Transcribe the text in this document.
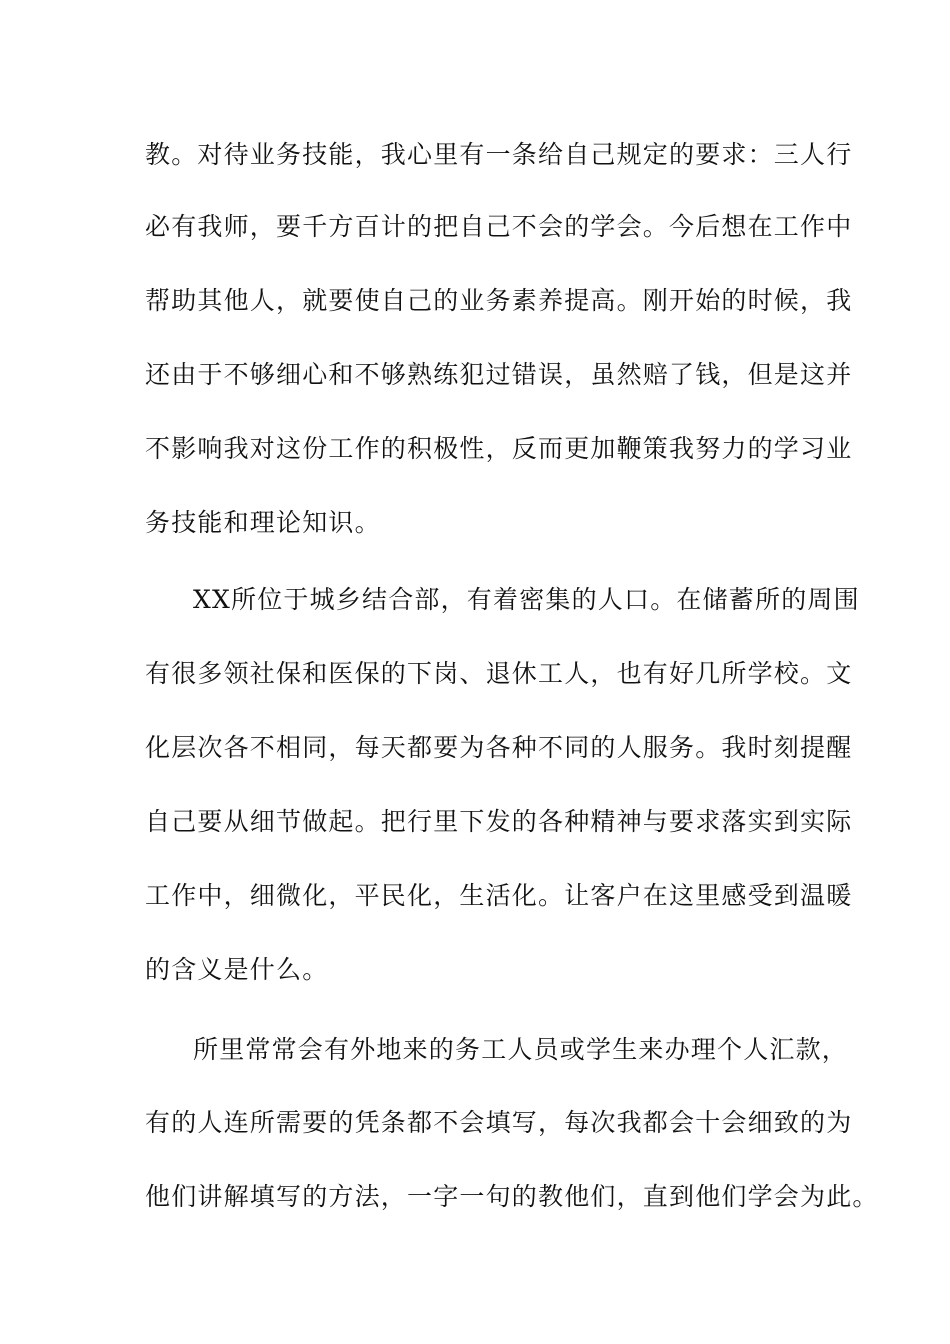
教。对待业务技能，我心里有一条给自己规定的要求：三人行

必有我师，要千方百计的把自己不会的学会。今后想在工作中

帮助其他人，就要使自己的业务素养提高。刚开始的时候，我

还由于不够细心和不够熟练犯过错误，虽然赔了钱，但是这并

不影响我对这份工作的积极性，反而更加鞭策我努力的学习业

务技能和理论知识。

XX所位于城乡结合部，有着密集的人口。在储蓄所的周围

有很多领社保和医保的下岗、退休工人，也有好几所学校。文

化层次各不相同，每天都要为各种不同的人服务。我时刻提醒

自己要从细节做起。把行里下发的各种精神与要求落实到实际

工作中，细微化，平民化，生活化。让客户在这里感受到温暖

的含义是什么。

所里常常会有外地来的务工人员或学生来办理个人汇款，

有的人连所需要的凭条都不会填写，每次我都会十会细致的为

他们讲解填写的方法，一字一句的教他们，直到他们学会为此。
